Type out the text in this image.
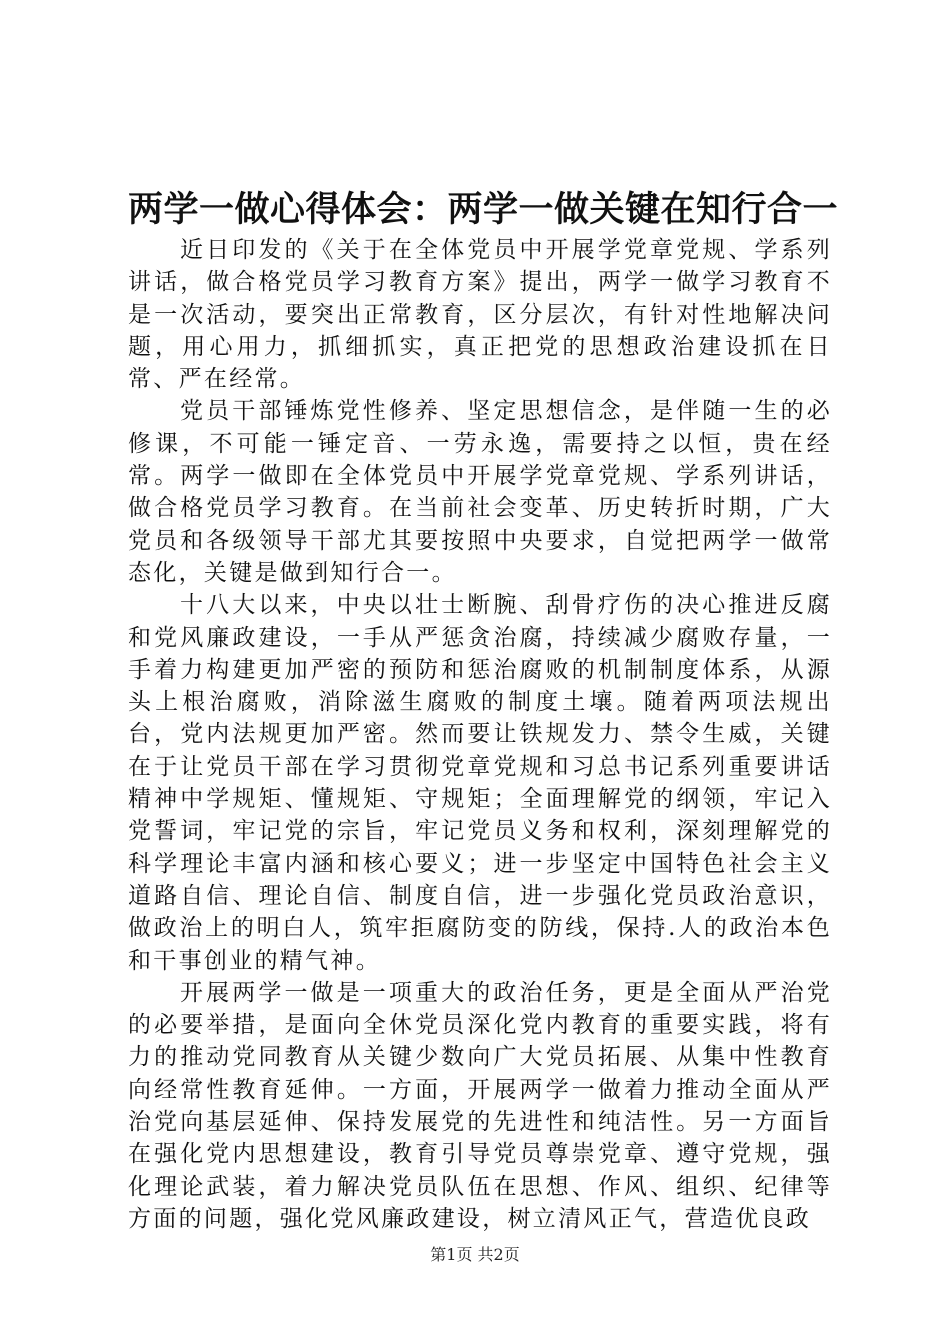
两学一做心得体会：两学一做关键在知行合一

近日印发的《关于在全体党员中开展学党章党规、学系列讲话，做合格党员学习教育方案》提出，两学一做学习教育不是一次活动，要突出正常教育，区分层次，有针对性地解决问题，用心用力，抓细抓实，真正把党的思想政治建设抓在日常、严在经常。

党员干部锤炼党性修养、坚定思想信念，是伴随一生的必修课，不可能一锤定音、一劳永逸，需要持之以恒，贵在经常。两学一做即在全体党员中开展学党章党规、学系列讲话，做合格党员学习教育。在当前社会变革、历史转折时期，广大党员和各级领导干部尤其要按照中央要求，自觉把两学一做常态化，关键是做到知行合一。

十八大以来，中央以壮士断腕、刮骨疗伤的决心推进反腐和党风廉政建设，一手从严惩贪治腐，持续减少腐败存量，一手着力构建更加严密的预防和惩治腐败的机制制度体系，从源头上根治腐败，消除滋生腐败的制度土壤。随着两项法规出台，党内法规更加严密。然而要让铁规发力、禁令生威，关键在于让党员干部在学习贯彻党章党规和习总书记系列重要讲话精神中学规矩、懂规矩、守规矩；全面理解党的纲领，牢记入党誓词，牢记党的宗旨，牢记党员义务和权利，深刻理解党的科学理论丰富内涵和核心要义；进一步坚定中国特色社会主义道路自信、理论自信、制度自信，进一步强化党员政治意识，做政治上的明白人，筑牢拒腐防变的防线，保持.人的政治本色和干事创业的精气神。

开展两学一做是一项重大的政治任务，更是全面从严治党的必要举措，是面向全休党员深化党内教育的重要实践，将有力的推动党同教育从关键少数向广大党员拓展、从集中性教育向经常性教育延伸。一方面，开展两学一做着力推动全面从严治党向基层延伸、保持发展党的先进性和纯洁性。另一方面旨在强化党内思想建设，教育引导党员尊崇党章、遵守党规，强化理论武装，着力解决党员队伍在思想、作风、组织、纪律等方面的问题，强化党风廉政建设，树立清风正气，营造优良政

第1页 共2页
